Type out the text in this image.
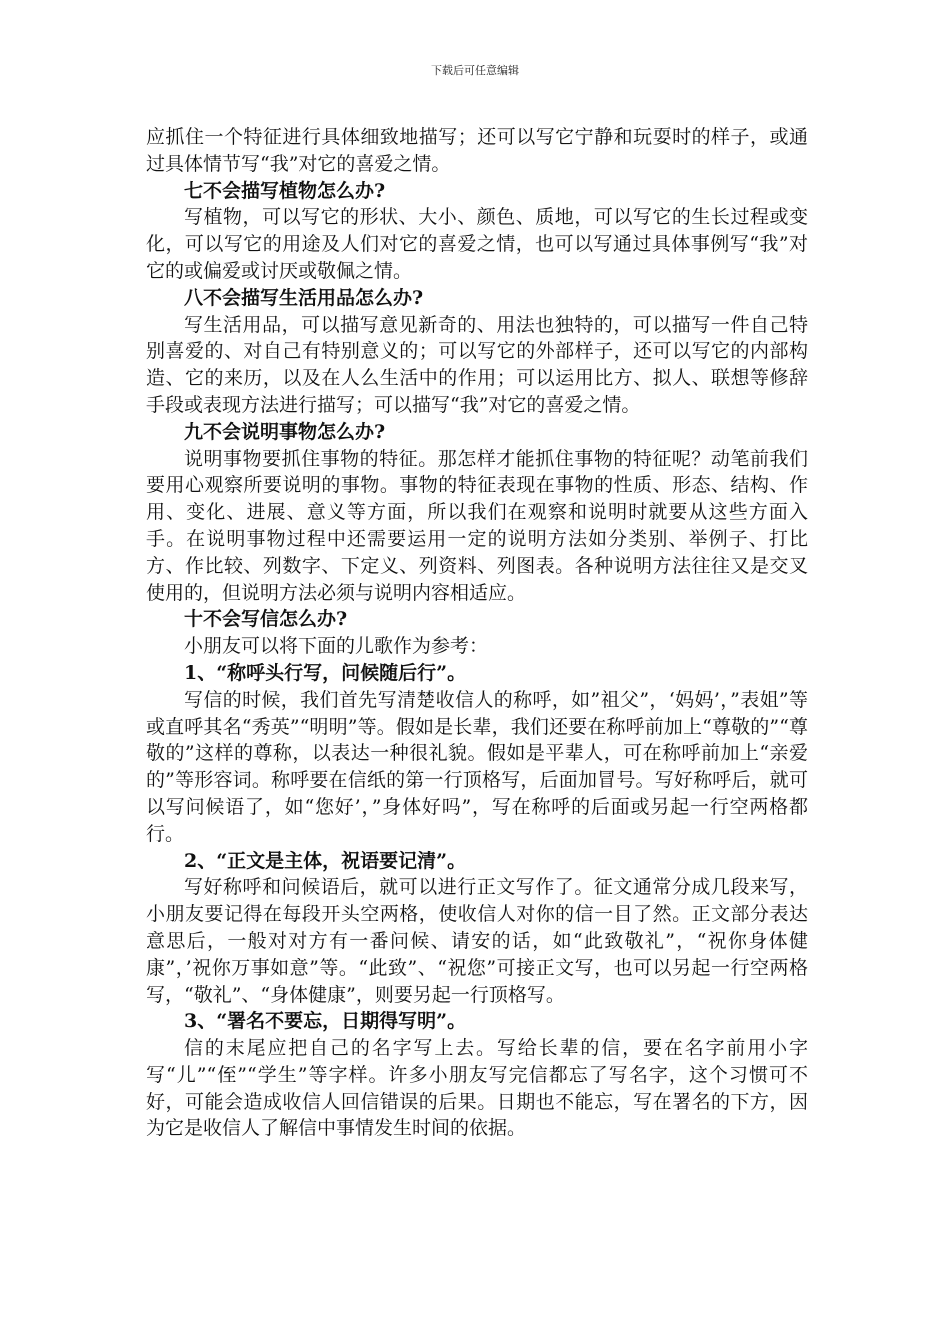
下载后可任意编辑

应抓住一个特征进行具体细致地描写；还可以写它宁静和玩耍时的样子，或通过具体情节写“我”对它的喜爱之情。

七不会描写植物怎么办?

写植物，可以写它的形状、大小、颜色、质地，可以写它的生长过程或变化，可以写它的用途及人们对它的喜爱之情，也可以写通过具体事例写“我”对它的或偏爱或讨厌或敬佩之情。

八不会描写生活用品怎么办?

写生活用品，可以描写意见新奇的、用法也独特的，可以描写一件自己特别喜爱的、对自己有特别意义的；可以写它的外部样子，还可以写它的内部构造、它的来历，以及在人么生活中的作用；可以运用比方、拟人、联想等修辞手段或表现方法进行描写；可以描写“我”对它的喜爱之情。

九不会说明事物怎么办?

说明事物要抓住事物的特征。那怎样才能抓住事物的特征呢？动笔前我们要用心观察所要说明的事物。事物的特征表现在事物的性质、形态、结构、作用、变化、进展、意义等方面，所以我们在观察和说明时就要从这些方面入手。在说明事物过程中还需要运用一定的说明方法如分类别、举例子、打比方、作比较、列数字、下定义、列资料、列图表。各种说明方法往往又是交叉使用的，但说明方法必须与说明内容相适应。

十不会写信怎么办?

小朋友可以将下面的儿歌作为参考：

1、“称呼头行写，问候随后行”。

写信的时候，我们首先写清楚收信人的称呼，如”祖父”，‘妈妈’，”表姐”等或直呼其名“秀英”“明明”等。假如是长辈，我们还要在称呼前加上“尊敬的”“尊敬的”这样的尊称，以表达一种很礼貌。假如是平辈人，可在称呼前加上“亲爱的”等形容词。称呼要在信纸的第一行顶格写，后面加冒号。写好称呼后，就可以写问候语了，如“您好’，”身体好吗”，写在称呼的后面或另起一行空两格都行。

2、“正文是主体，祝语要记清”。

写好称呼和问候语后，就可以进行正文写作了。征文通常分成几段来写，小朋友要记得在每段开头空两格，使收信人对你的信一目了然。正文部分表达意思后，一般对对方有一番问候、请安的话，如“此致敬礼”，“祝你身体健康”，’祝你万事如意”等。“此致”、“祝您”可接正文写，也可以另起一行空两格写，“敬礼”、“身体健康”，则要另起一行顶格写。

3、“署名不要忘，日期得写明”。

信的末尾应把自己的名字写上去。写给长辈的信，要在名字前用小字写“儿”“侄”“学生”等字样。许多小朋友写完信都忘了写名字，这个习惯可不好，可能会造成收信人回信错误的后果。日期也不能忘，写在署名的下方，因为它是收信人了解信中事情发生时间的依据。
